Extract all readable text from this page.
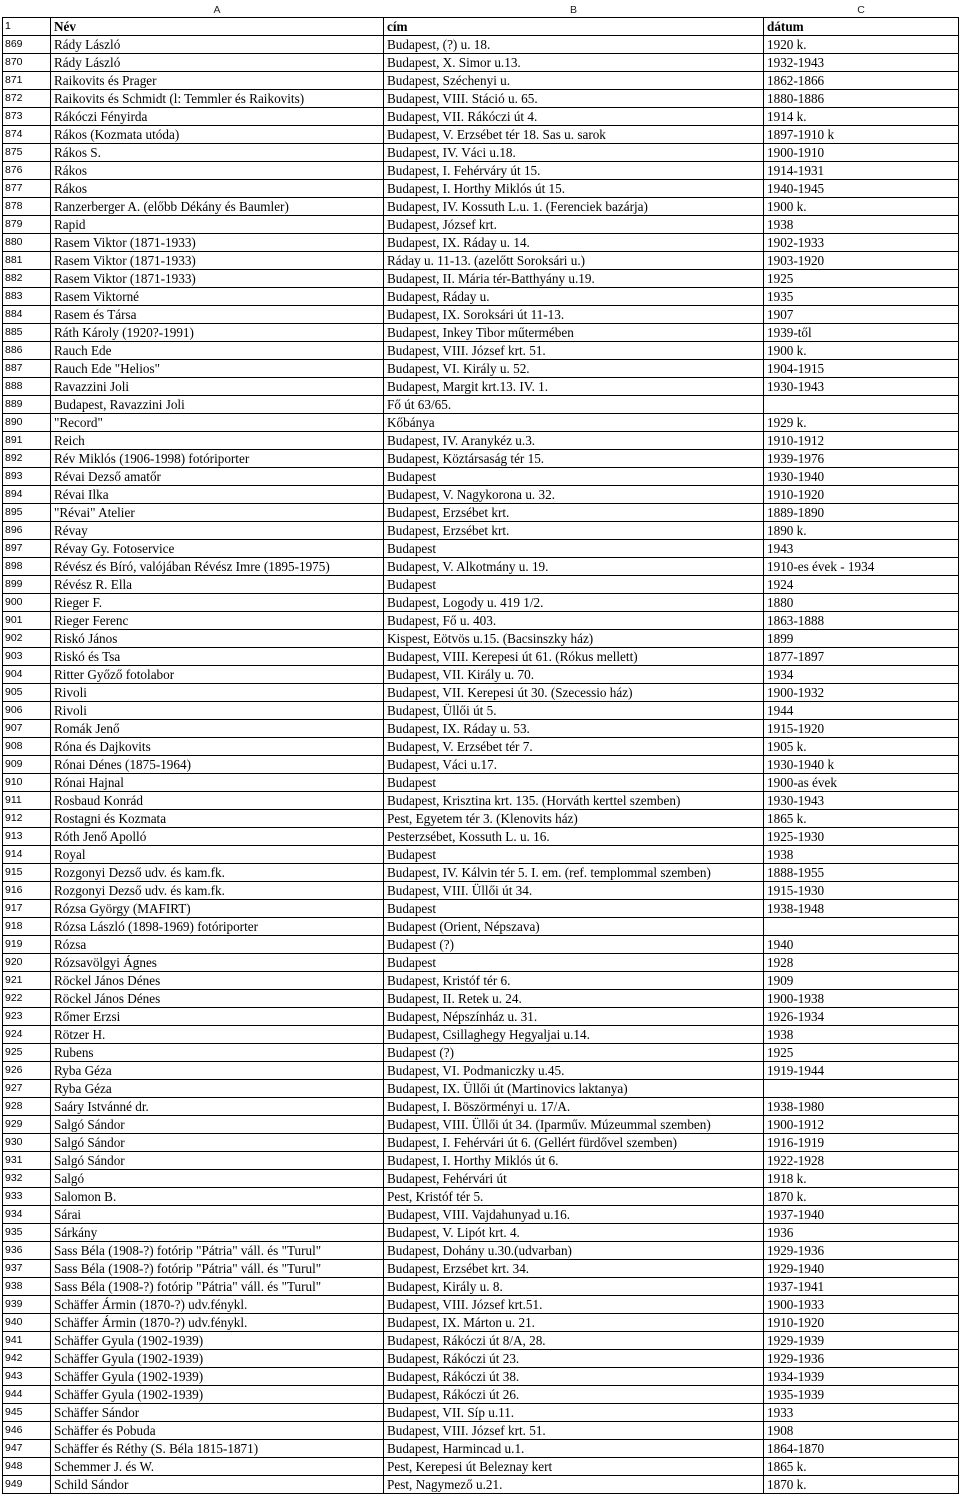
	A	B	C
1	Név	cím	dátum
869	Rády László	Budapest, (?) u. 18.	1920 k.
870	Rády László	Budapest, X. Simor u.13.	1932-1943
871	Raikovits és Prager	Budapest, Széchenyi u.	1862-1866
872	Raikovits és Schmidt (l: Temmler és Raikovits)	Budapest, VIII. Stáció u. 65.	1880-1886
873	Rákóczi Fényirda	Budapest, VII. Rákóczi út 4.	1914 k.
874	Rákos (Kozmata utóda)	Budapest, V. Erzsébet tér 18. Sas u. sarok	1897-1910 k
875	Rákos S.	Budapest, IV. Váci u.18.	1900-1910
876	Rákos	Budapest, I. Fehérváry út 15.	1914-1931
877	Rákos	Budapest, I. Horthy Miklós út 15.	1940-1945
878	Ranzerberger A. (előbb Dékány és Baumler)	Budapest, IV. Kossuth L.u. 1. (Ferenciek bazárja)	1900 k.
879	Rapid	Budapest, József krt.	1938
880	Rasem Viktor (1871-1933)	Budapest, IX. Ráday u. 14.	1902-1933
881	Rasem Viktor (1871-1933)	Ráday u. 11-13. (azelőtt Soroksári u.)	1903-1920
882	Rasem Viktor (1871-1933)	Budapest, II. Mária tér-Batthyány u.19.	1925
883	Rasem Viktorné	Budapest, Ráday u.	1935
884	Rasem és Társa	Budapest, IX. Soroksári út 11-13.	1907
885	Ráth Károly (1920?-1991)	Budapest, Inkey Tibor műtermében	1939-től
886	Rauch Ede	Budapest, VIII. József krt. 51.	1900 k.
887	Rauch Ede "Helios"	Budapest, VI. Király u. 52.	1904-1915
888	Ravazzini Joli	Budapest, Margit krt.13. IV. 1.	1930-1943
889	Budapest, Ravazzini Joli	Fő út 63/65.	
890	"Record"	Kőbánya	1929 k.
891	Reich	Budapest, IV. Aranykéz u.3.	1910-1912
892	Rév Miklós (1906-1998) fotóriporter	Budapest, Köztársaság tér 15.	1939-1976
893	Révai Dezső amatőr	Budapest	1930-1940
894	Révai Ilka	Budapest, V. Nagykorona u. 32.	1910-1920
895	"Révai" Atelier	Budapest, Erzsébet krt.	1889-1890
896	Révay	Budapest, Erzsébet krt.	1890 k.
897	Révay Gy. Fotoservice	Budapest	1943
898	Révész és Bíró, valójában Révész Imre (1895-1975)	Budapest, V. Alkotmány u. 19.	1910-es évek - 1934
899	Révész R. Ella	Budapest	1924
900	Rieger F.	Budapest, Logody u. 419 1/2.	1880
901	Rieger Ferenc	Budapest, Fő u. 403.	1863-1888
902	Riskó János	Kispest, Eötvös u.15. (Bacsinszky ház)	1899
903	Riskó és Tsa	Budapest, VIII. Kerepesi út 61. (Rókus mellett)	1877-1897
904	Ritter Győző fotolabor	Budapest, VII. Király u. 70.	1934
905	Rivoli	Budapest, VII. Kerepesi út 30. (Szecessio ház)	1900-1932
906	Rivoli	Budapest, Üllői út 5.	1944
907	Romák Jenő	Budapest, IX. Ráday u. 53.	1915-1920
908	Róna és Dajkovits	Budapest, V. Erzsébet tér 7.	1905 k.
909	Rónai Dénes (1875-1964)	Budapest, Váci u.17.	1930-1940 k
910	Rónai Hajnal	Budapest	1900-as évek
911	Rosbaud Konrád	Budapest, Krisztina krt. 135. (Horváth kerttel szemben)	1930-1943
912	Rostagni és Kozmata	Pest, Egyetem tér 3. (Klenovits ház)	1865 k.
913	Róth Jenő Apolló	Pesterzsébet, Kossuth L. u. 16.	1925-1930
914	Royal	Budapest	1938
915	Rozgonyi Dezső udv. és kam.fk.	Budapest, IV. Kálvin tér 5. I. em. (ref. templommal szemben)	1888-1955
916	Rozgonyi Dezső udv. és kam.fk.	Budapest, VIII. Üllői út 34.	1915-1930
917	Rózsa György (MAFIRT)	Budapest	1938-1948
918	Rózsa László (1898-1969) fotóriporter	Budapest (Orient, Népszava)	
919	Rózsa	Budapest (?)	1940
920	Rózsavölgyi Ágnes	Budapest	1928
921	Röckel János Dénes	Budapest, Kristóf tér 6.	1909
922	Röckel János Dénes	Budapest, II. Retek u. 24.	1900-1938
923	Rőmer Erzsi	Budapest, Népszínház u. 31.	1926-1934
924	Rötzer H.	Budapest, Csillaghegy Hegyaljai u.14.	1938
925	Rubens	Budapest (?)	1925
926	Ryba Géza	Budapest, VI. Podmaniczky u.45.	1919-1944
927	Ryba Géza	Budapest, IX. Üllői út (Martinovics laktanya)	
928	Saáry Istvánné dr.	Budapest, I. Böszörményi u. 17/A.	1938-1980
929	Salgó Sándor	Budapest, VIII. Üllői út 34. (Iparműv. Múzeummal szemben)	1900-1912
930	Salgó Sándor	Budapest, I. Fehérvári út 6. (Gellért fürdővel szemben)	1916-1919
931	Salgó Sándor	Budapest, I. Horthy Miklós út 6.	1922-1928
932	Salgó	Budapest, Fehérvári út	1918 k.
933	Salomon B.	Pest, Kristóf tér 5.	1870 k.
934	Sárai	Budapest, VIII. Vajdahunyad u.16.	1937-1940
935	Sárkány	Budapest, V. Lipót krt. 4.	1936
936	Sass Béla (1908-?) fotórip "Pátria" váll. és "Turul"	Budapest, Dohány u.30.(udvarban)	1929-1936
937	Sass Béla (1908-?) fotórip "Pátria" váll. és "Turul"	Budapest, Erzsébet krt. 34.	1929-1940
938	Sass Béla (1908-?) fotórip "Pátria" váll. és "Turul"	Budapest, Király u. 8.	1937-1941
939	Schäffer Ármin (1870-?) udv.fénykl.	Budapest, VIII. József krt.51.	1900-1933
940	Schäffer Ármin (1870-?) udv.fénykl.	Budapest, IX. Márton u. 21.	1910-1920
941	Schäffer Gyula (1902-1939)	Budapest, Rákóczi út 8/A, 28.	1929-1939
942	Schäffer Gyula (1902-1939)	Budapest, Rákóczi út 23.	1929-1936
943	Schäffer Gyula (1902-1939)	Budapest, Rákóczi út 38.	1934-1939
944	Schäffer Gyula (1902-1939)	Budapest, Rákóczi út 26.	1935-1939
945	Schäffer Sándor	Budapest, VII. Síp u.11.	1933
946	Schäffer és Pobuda	Budapest, VIII. József krt. 51.	1908
947	Schäffer és Réthy (S. Béla 1815-1871)	Budapest, Harmincad u.1.	1864-1870
948	Schemmer J. és W.	Pest, Kerepesi út Beleznay kert	1865 k.
949	Schild Sándor	Pest, Nagymező u.21.	1870 k.
